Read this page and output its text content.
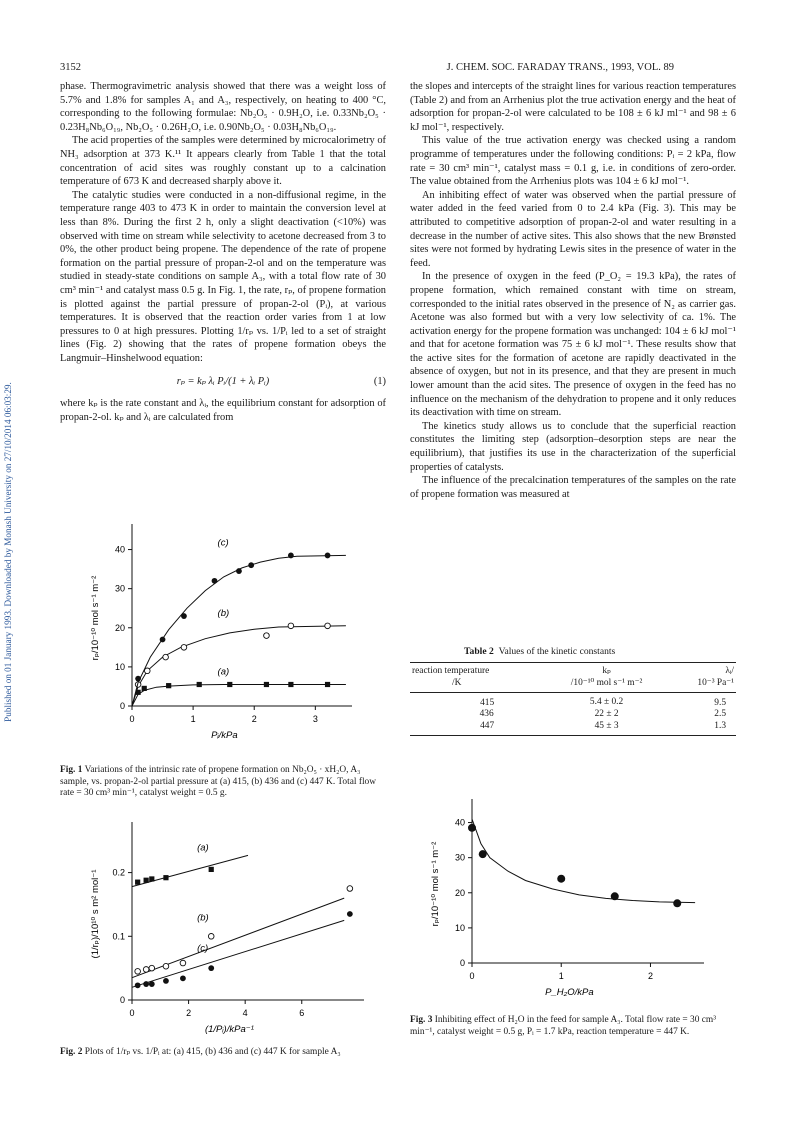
3152	J. CHEM. SOC. FARADAY TRANS., 1993, VOL. 89
Published on 01 January 1993. Downloaded by Monash University on 27/10/2014 06:03:29.

phase. Thermogravimetric analysis showed that there was a weight loss of 5.7% and 1.8% for samples A₁ and A₃, respectively, on heating to 400 °C, corresponding to the following formulae: Nb₂O₅ · 0.9H₂O, i.e. 0.33Nb₂O₅ · 0.23H₈Nb₆O₁₉, Nb₂O₅ · 0.26H₂O, i.e. 0.90Nb₂O₅ · 0.03H₈Nb₆O₁₉.

The acid properties of the samples were determined by microcalorimetry of NH₃ adsorption at 373 K.¹¹ It appears clearly from Table 1 that the total concentration of acid sites was roughly constant up to a calcination temperature of 673 K and decreased sharply above it.

The catalytic studies were conducted in a non-diffusional regime, in the temperature range 403 to 473 K in order to maintain the conversion level at less than 8%. During the first 2 h, only a slight deactivation (<10%) was observed with time on stream while selectivity to acetone decreased from 3 to 0%, the other product being propene. The dependence of the rate of propene formation on the partial pressure of propan-2-ol and on the temperature was studied in steady-state conditions on sample A₃, with a total flow rate of 30 cm³ min⁻¹ and catalyst mass 0.5 g. In Fig. 1, the rate, rₚ, of propene formation is plotted against the partial pressure of propan-2-ol (Pᵢ), at various temperatures. It is observed that the reaction order varies from 1 at low pressures to 0 at high pressures. Plotting 1/rₚ vs. 1/Pᵢ led to a set of straight lines (Fig. 2) showing that the rates of propene formation obeys the Langmuir–Hinshelwood equation:

rₚ = kₚ λᵢ Pᵢ/(1 + λᵢ Pᵢ)	(1)

where kₚ is the rate constant and λᵢ, the equilibrium constant for adsorption of propan-2-ol. kₚ and λᵢ are calculated from

the slopes and intercepts of the straight lines for various reaction temperatures (Table 2) and from an Arrhenius plot the true activation energy and the heat of adsorption for propan-2-ol were calculated to be 108 ± 6 kJ ml⁻¹ and 98 ± 6 kJ mol⁻¹, respectively.

This value of the true activation energy was checked using a random programme of temperatures under the following conditions: Pᵢ = 2 kPa, flow rate = 30 cm³ min⁻¹, catalyst mass = 0.1 g, i.e. in conditions of zero-order. The value obtained from the Arrhenius plots was 104 ± 6 kJ mol⁻¹.

An inhibiting effect of water was observed when the partial pressure of water added in the feed varied from 0 to 2.4 kPa (Fig. 3). This may be attributed to competitive adsorption of propan-2-ol and water resulting in a decrease in the number of active sites. This also shows that the new Brønsted sites were not formed by hydrating Lewis sites in the presence of water in the feed.

In the presence of oxygen in the feed (P_O₂ = 19.3 kPa), the rates of propene formation, which remained constant with time on stream, corresponded to the initial rates observed in the presence of N₂ as carrier gas. Acetone was also formed but with a very low selectivity of ca. 1%. The activation energy for the propene formation was unchanged: 104 ± 6 kJ mol⁻¹ and that for acetone formation was 75 ± 6 kJ mol⁻¹. These results show that the active sites for the formation of acetone are rapidly deactivated in the absence of oxygen, but not in its presence, and that they are present in much lower amount than the acid sites. The presence of oxygen in the feed has no influence on the mechanism of the dehydration to propene and it only reduces its deactivation with time on stream.

The kinetics study allows us to conclude that the superficial reaction constitutes the limiting step (adsorption–desorption steps are near the equilibrium), that justifies its use in the characterization of the superficial properties of catalysts.

The influence of the precalcination temperatures of the samples on the rate of propene formation was measured at

Table 2 Values of the kinetic constants
reaction temperature
/K	kₚ
/10⁻¹⁰ mol s⁻¹ m⁻²	λᵢ/
10⁻³ Pa⁻¹
415	5.4 ± 0.2	9.5
436	22 ± 2	2.5
447	45 ± 3	1.3
0	1	2	3
0
10
20
30
40
Pᵢ/kPa
rₚ/10⁻¹⁰ mol s⁻¹ m⁻²
(a)
(b)
(c)
0	2	4	6
0
0.1
0.2
(1/Pᵢ)/kPa⁻¹
(1/rₚ)/10¹⁰ s m² mol⁻¹
(a)
(b)
(c)
0	1	2
0
10
20
30
40
P_H₂O/kPa
rₚ/10⁻¹⁰ mol s⁻¹ m⁻²
Fig. 1 Variations of the intrinsic rate of propene formation on Nb₂O₅ · xH₂O, A₃ sample, vs. propan-2-ol partial pressure at (a) 415, (b) 436 and (c) 447 K. Total flow rate = 30 cm³ min⁻¹, catalyst weight = 0.5 g.
Fig. 2 Plots of 1/rₚ vs. 1/Pᵢ at: (a) 415, (b) 436 and (c) 447 K for sample A₃
Fig. 3 Inhibiting effect of H₂O in the feed for sample A₃. Total flow rate = 30 cm³ min⁻¹, catalyst weight = 0.5 g, Pᵢ = 1.7 kPa, reaction temperature = 447 K.
